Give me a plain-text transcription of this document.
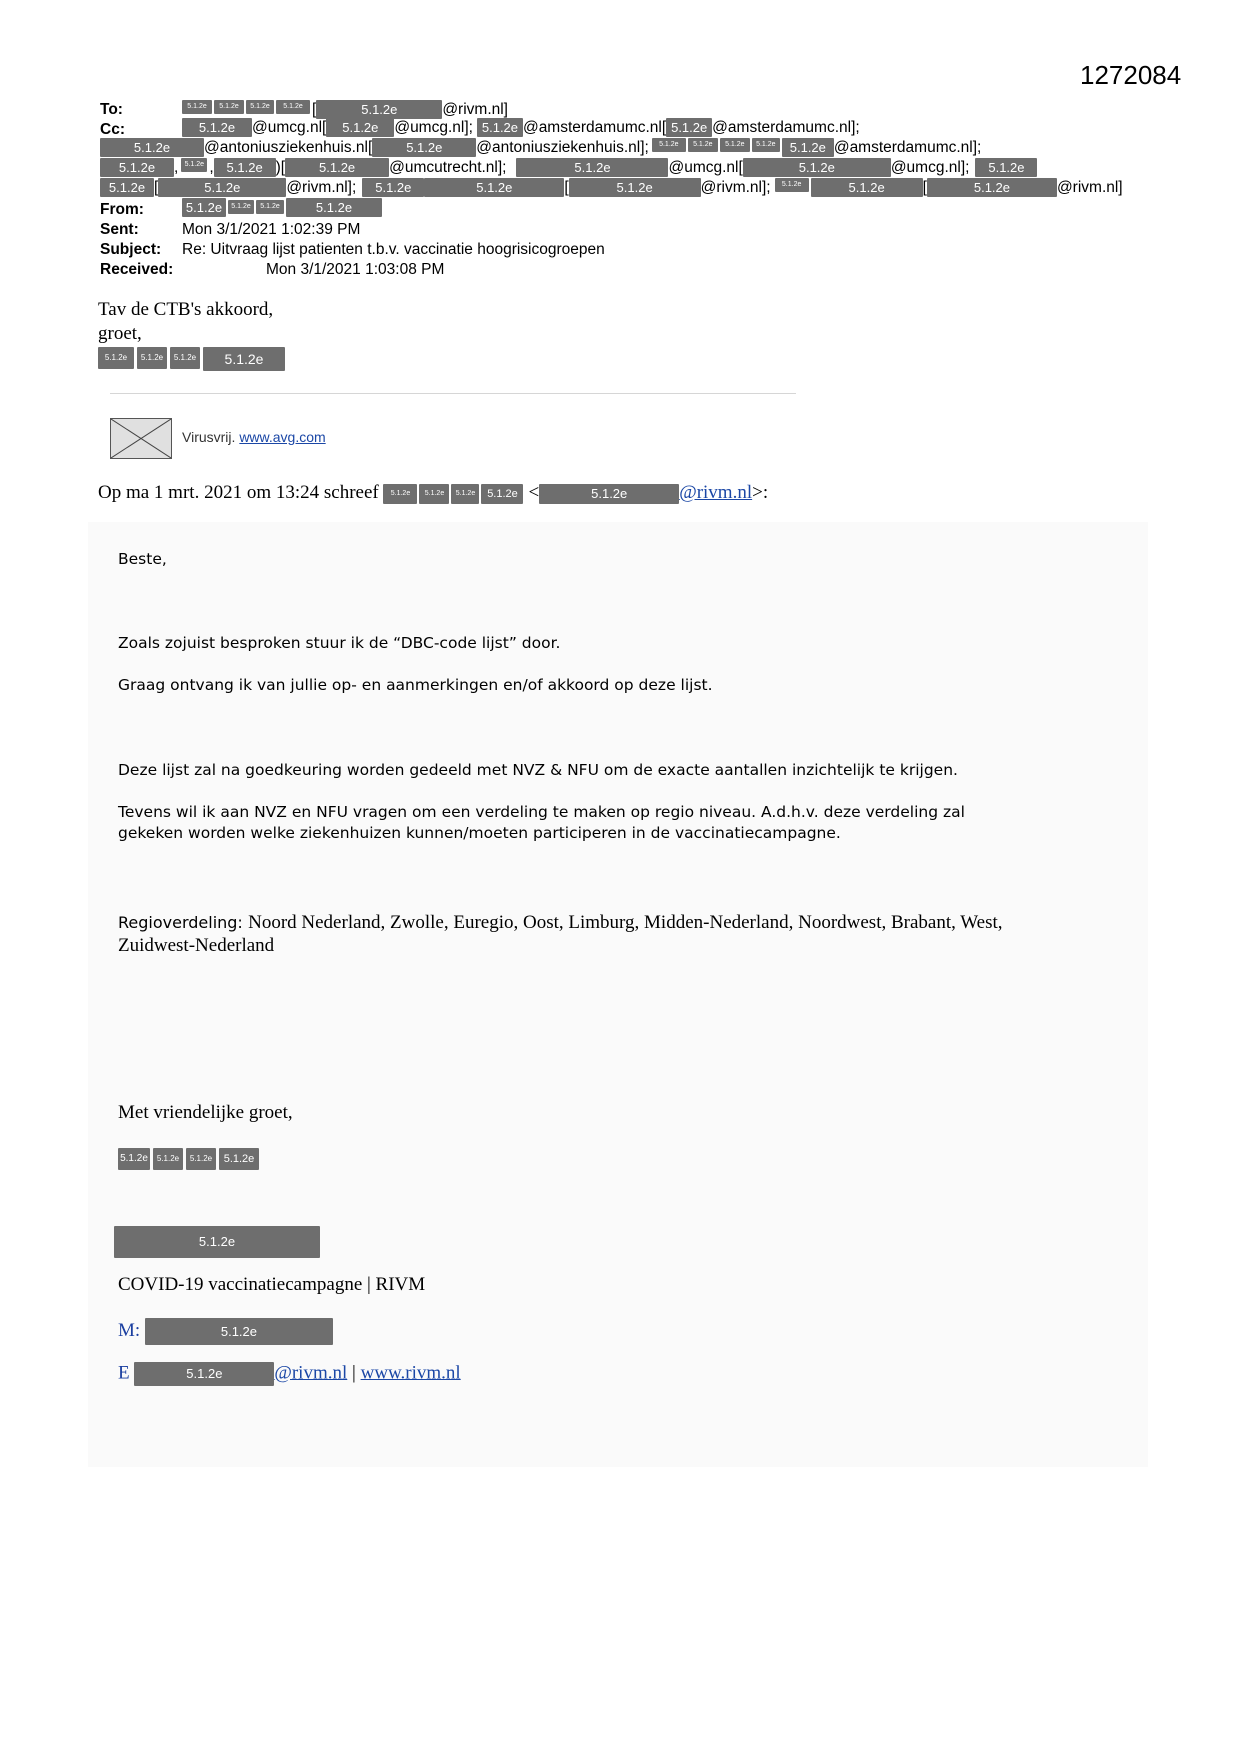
1272084
To:	5.1.2e 5.1.2e 5.1.2e 5.1.2e [	5.1.2e	@rivm.nl]
Cc:	5.1.2e @umcg.nl[ 5.1.2e @umcg.nl]; 5.1.2e @amsterdamumc.nl[ 5.1.2e @amsterdamumc.nl];
5.1.2e @antoniusziekenhuis.nl[	5.1.2e @antoniusziekenhuis.nl]; 5.1.2e 5.1.2e 5.1.2e 5.1.2e 5.1.2e @amsterdamumc.nl];
5.1.2e , 5.1.2e , 5.1.2e )[	5.1.2e @umcutrecht.nl];	5.1.2e	@umcg.nl[	5.1.2e	@umcg.nl]; 5.1.2e
5.1.2e [	5.1.2e	@rivm.nl]; 5.1.2e	5.1.2e	[	5.1.2e	@rivm.nl]; 5.1.2e	5.1.2e [	5.1.2e	@rivm.nl]
From:	5.1.2e 5.1.2e 5.1.2e	5.1.2e
Sent:	Mon 3/1/2021 1:02:39 PM
Subject: Re: Uitvraag lijst patienten t.b.v. vaccinatie hoogrisicogroepen
Received:	Mon 3/1/2021 1:03:08 PM
Tav de CTB's akkoord,
groet,
5.1.2e 5.1.2e 5.1.2e 5.1.2e
Virusvrij. www.avg.com
Op ma 1 mrt. 2021 om 13:24 schreef 5.1.2e 5.1.2e 5.1.2e 5.1.2e <	5.1.2e	@rivm.nl>:
Beste,
Zoals zojuist besproken stuur ik de “DBC-code lijst” door.
Graag ontvang ik van jullie op- en aanmerkingen en/of akkoord op deze lijst.
Deze lijst zal na goedkeuring worden gedeeld met NVZ & NFU om de exacte aantallen inzichtelijk te krijgen.
Tevens wil ik aan NVZ en NFU vragen om een verdeling te maken op regio niveau. A.d.h.v. deze verdeling zal
gekeken worden welke ziekenhuizen kunnen/moeten participeren in de vaccinatiecampagne.
Regioverdeling: Noord Nederland, Zwolle, Euregio, Oost, Limburg, Midden-Nederland, Noordwest, Brabant, West,
Zuidwest-Nederland
Met vriendelijke groet,
5.1.2e 5.1.2e 5.1.2e 5.1.2e
5.1.2e
COVID-19 vaccinatiecampagne | RIVM
M:	5.1.2e
E	5.1.2e	@rivm.nl | www.rivm.nl
